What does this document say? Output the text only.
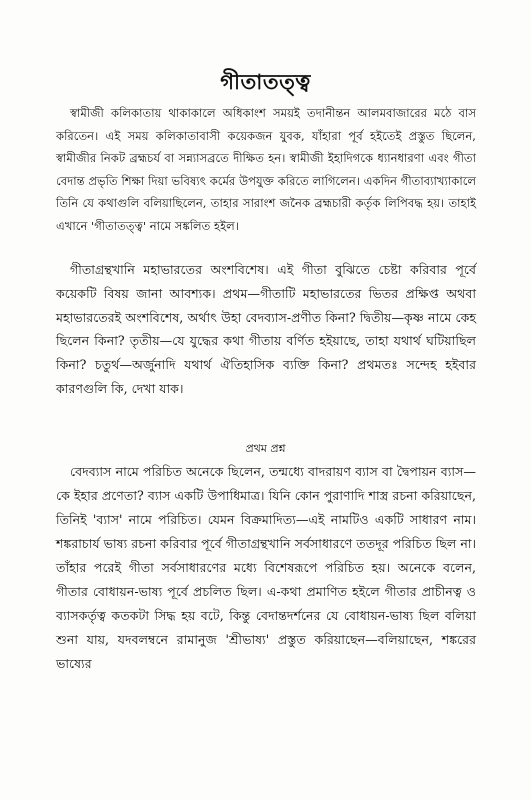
গীতাতত্ত্ব
স্বামীজী কলিকাতায় থাকাকালে অধিকাংশ সময়ই তদানীন্তন আলমবাজারের মঠে বাস করিতেন। এই সময় কলিকাতাবাসী কয়েকজন যুবক, যাঁহারা পূর্ব হইতেই প্রস্তুত ছিলেন, স্বামীজীর নিকট ব্রহ্মচর্য বা সন্ন্যাসব্রতে দীক্ষিত হন। স্বামীজী ইহাদিগকে ধ্যানধারণা এবং গীতা বেদান্ত প্রভৃতি শিক্ষা দিয়া ভবিষ্যৎ কর্মের উপযুক্ত করিতে লাগিলেন। একদিন গীতাব্যাখ্যাকালে তিনি যে কথাগুলি বলিয়াছিলেন, তাহার সারাংশ জনৈক ব্রহ্মচারী কর্তৃক লিপিবদ্ধ হয়। তাহাই এখানে 'গীতাতত্ত্ব' নামে সঙ্কলিত হইল।
গীতাগ্রন্থখানি মহাভারতের অংশবিশেষ। এই গীতা বুঝিতে চেষ্টা করিবার পূর্বে কয়েকটি বিষয় জানা আবশ্যক। প্রথম—গীতাটি মহাভারতের ভিতর প্রক্ষিপ্ত অথবা মহাভারতেরই অংশবিশেষ, অর্থাৎ উহা বেদব্যাস-প্রণীত কিনা? দ্বিতীয়—কৃষ্ণ নামে কেহ ছিলেন কিনা? তৃতীয়—যে যুদ্ধের কথা গীতায় বর্ণিত হইয়াছে, তাহা যথার্থ ঘটিয়াছিল কিনা? চতুর্থ—অর্জুনাদি যথার্থ ঐতিহাসিক ব্যক্তি কিনা? প্রথমতঃ সন্দেহ হইবার কারণগুলি কি, দেখা যাক।
প্রথম প্রশ্ন
বেদব্যাস নামে পরিচিত অনেকে ছিলেন, তন্মধ্যে বাদরায়ণ ব্যাস বা দ্বৈপায়ন ব্যাস—কে ইহার প্রণেতা? ব্যাস একটি উপাধিমাত্র। যিনি কোন পুরাণাদি শাস্ত্র রচনা করিয়াছেন, তিনিই 'ব্যাস' নামে পরিচিত। যেমন বিক্রমাদিত্য—এই নামটিও একটি সাধারণ নাম। শঙ্করাচার্য ভাষ্য রচনা করিবার পূর্বে গীতাগ্রন্থখানি সর্বসাধারণে ততদূর পরিচিত ছিল না। তাঁহার পরেই গীতা সর্বসাধারণের মধ্যে বিশেষরূপে পরিচিত হয়। অনেকে বলেন, গীতার বোধায়ন-ভাষ্য পূর্বে প্রচলিত ছিল। এ-কথা প্রমাণিত হইলে গীতার প্রাচীনত্ব ও ব্যাসকর্তৃত্ব কতকটা সিদ্ধ হয় বটে, কিন্তু বেদান্তদর্শনের যে বোধায়ন-ভাষ্য ছিল বলিয়া শুনা যায়, যদবলম্বনে রামানুজ 'শ্রীভাষ্য' প্রস্তুত করিয়াছেন—বলিয়াছেন, শঙ্করের ভাষ্যের
